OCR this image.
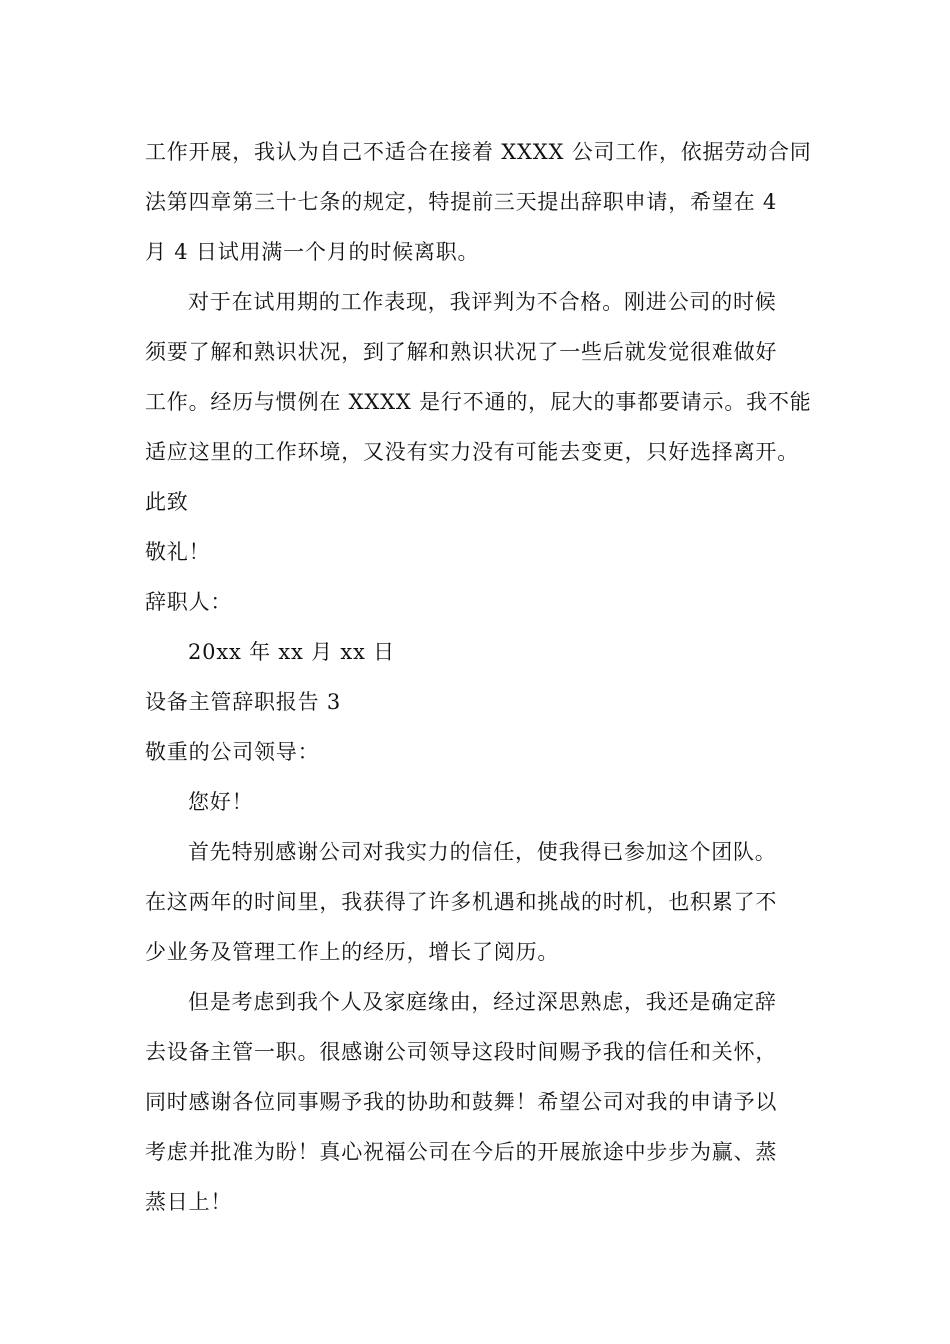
工作开展，我认为自己不适合在接着 XXXX 公司工作，依据劳动合同
法第四章第三十七条的规定，特提前三天提出辞职申请，希望在 4
月 4 日试用满一个月的时候离职。
对于在试用期的工作表现，我评判为不合格。刚进公司的时候
须要了解和熟识状况，到了解和熟识状况了一些后就发觉很难做好
工作。经历与惯例在 XXXX 是行不通的，屁大的事都要请示。我不能
适应这里的工作环境，又没有实力没有可能去变更，只好选择离开。
此致
敬礼！
辞职人：
20xx 年 xx 月 xx 日
设备主管辞职报告 3
敬重的公司领导：
您好！
首先特别感谢公司对我实力的信任，使我得已参加这个团队。
在这两年的时间里，我获得了许多机遇和挑战的时机，也积累了不
少业务及管理工作上的经历，增长了阅历。
但是考虑到我个人及家庭缘由，经过深思熟虑，我还是确定辞
去设备主管一职。很感谢公司领导这段时间赐予我的信任和关怀，
同时感谢各位同事赐予我的协助和鼓舞！希望公司对我的申请予以
考虑并批准为盼！真心祝福公司在今后的开展旅途中步步为赢、蒸
蒸日上！
